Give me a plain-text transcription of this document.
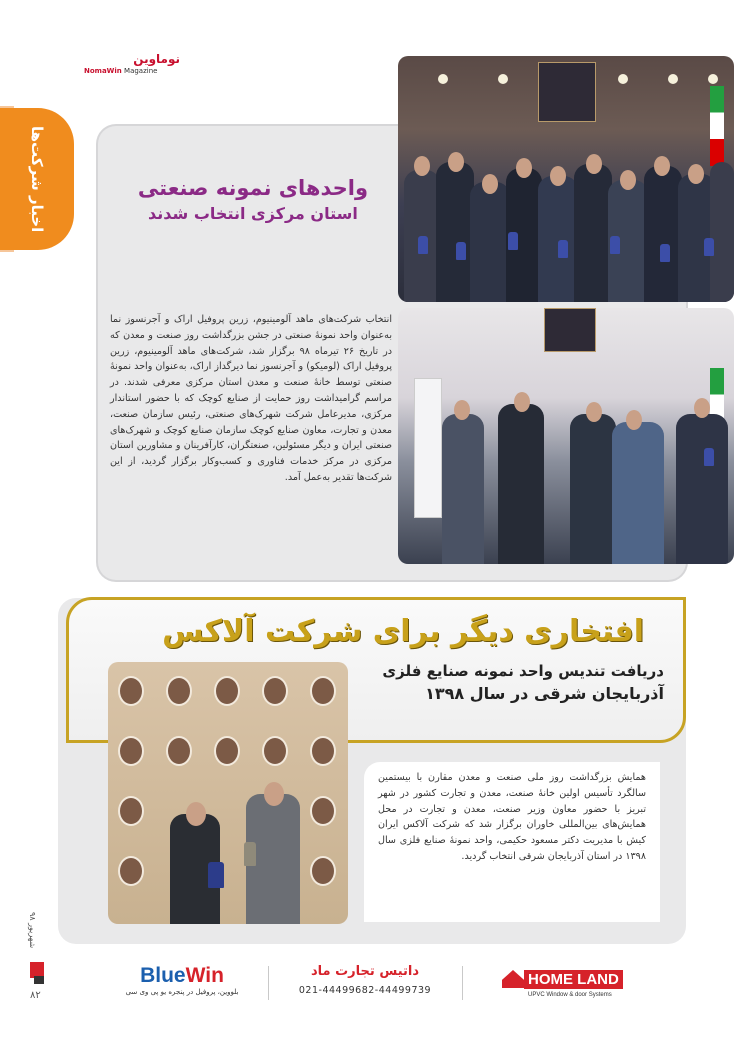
نوماوین
NomaWin Magazine
اخبار شرکت‌ها	واحدهای نمونه صنعتی
استان مرکزی انتخاب شدند
انتخاب شرکت‌های ماهد آلومینیوم، زرین پروفیل اراک و آجرنسوز نما به‌عنوان واحد نمونهٔ صنعتی در جشن بزرگداشت روز صنعت و معدن که در تاریخ ۲۶ تیرماه ۹۸ برگزار شد، شرکت‌های ماهد آلومینیوم، زرین پروفیل اراک (لومیکو) و آجرنسوز نما دیرگداز اراک، به‌عنوان واحد نمونهٔ صنعتی توسط خانهٔ صنعت و معدن استان مرکزی معرفی شدند. در مراسم گرامیداشت روز حمایت از صنایع کوچک که با حضور استاندار مرکزی، مدیرعامل شرکت شهرک‌های صنعتی، رئیس سازمان صنعت، معدن و تجارت، معاون صنایع کوچک سازمان صنایع کوچک و شهرک‌های صنعتی ایران و دیگر مسئولین، صنعتگران، کارآفرینان و مشاورین استان مرکزی در مرکز خدمات فناوری و کسب‌وکار برگزار گردید، از این شرکت‌ها تقدیر به‌عمل آمد.
افتخاری دیگر برای شرکت آلاکس
دریافت تندیس واحد نمونه صنایع فلزی
آذربایجان شرقی در سال ۱۳۹۸

همایش بزرگداشت روز ملی صنعت و معدن مقارن با بیستمین سالگرد تأسیس اولین خانهٔ صنعت، معدن و تجارت کشور در شهر تبریز با حضور معاون وزیر صنعت، معدن و تجارت در محل همایش‌های بین‌المللی خاوران برگزار شد که شرکت آلاکس ایران کیش با مدیریت دکتر مسعود حکیمی، واحد نمونهٔ صنایع فلزی سال ۱۳۹۸ در استان آذربایجان شرقی انتخاب گردید.

BlueWin
بلووین، پروفیل در پنجره یو پی وی سی
داتیس تجارت ماد
021-44499682-44499739
HOME LAND
UPVC Window & door Systems
شهریور ۹۸
۸۲
